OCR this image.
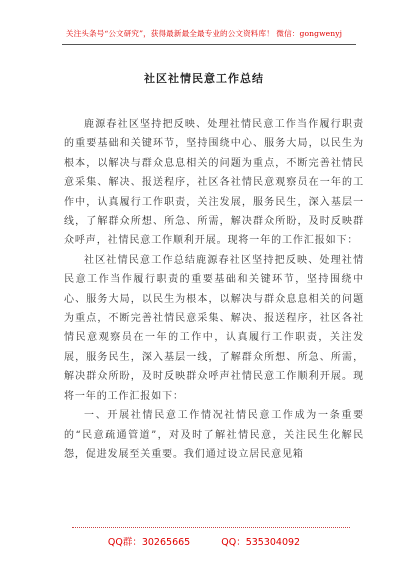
关注头条号“公文研究”，获得最新最全最专业的公文资料库！ 微信：gongwenyj
社区社情民意工作总结

鹿源春社区坚持把反映、处理社情民意工作当作履行职责的重要基础和关键环节，坚持围绕中心、服务大局，以民生为根本，以解决与群众息息相关的问题为重点，不断完善社情民意采集、解决、报送程序，社区各社情民意观察员在一年的工作中，认真履行工作职责，关注发展，服务民生，深入基层一线，了解群众所想、所急、所需，解决群众所盼，及时反映群众呼声，社情民意工作顺利开展。现将一年的工作汇报如下：

社区社情民意工作总结鹿源春社区坚持把反映、处理社情民意工作当作履行职责的重要基础和关键环节，坚持围绕中心、服务大局，以民生为根本，以解决与群众息息相关的问题为重点，不断完善社情民意采集、解决、报送程序，社区各社情民意观察员在一年的工作中，认真履行工作职责，关注发展，服务民生，深入基层一线，了解群众所想、所急、所需，解决群众所盼，及时反映群众呼声社情民意工作顺利开展。现将一年的工作汇报如下：

一、开展社情民意工作情况社情民意工作成为一条重要的“民意疏通管道”，对及时了解社情民意，关注民生化解民怨，促进发展至关重要。我们通过设立居民意见箱

QQ群：30265665	QQ：535304092
